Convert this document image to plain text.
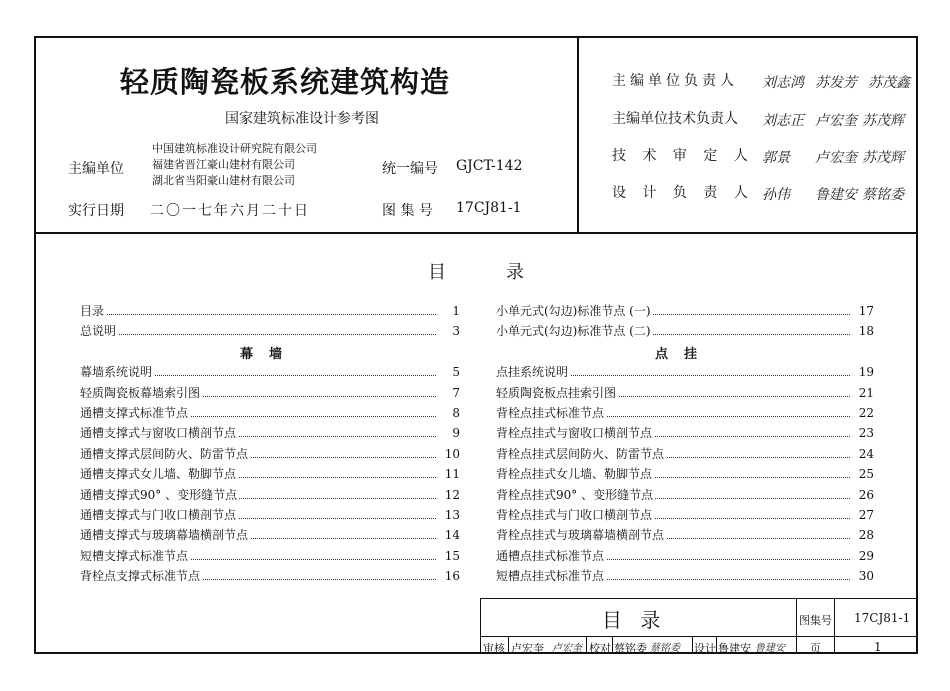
轻质陶瓷板系统建筑构造
国家建筑标准设计参考图
主编单位
中国建筑标准设计研究院有限公司
福建省晋江豪山建材有限公司
湖北省当阳豪山建材有限公司
统一编号 GJCT-142
实行日期 二〇一七年六月二十日	图 集 号 17CJ81-1
主编单位负责人 刘志鸿 苏发芳 苏茂鑫
主编单位技术负责人 刘志正 卢宏奎 苏茂辉
技 术 审 定 人 郭景 卢宏奎 苏茂辉
设 计 负 责 人 孙伟 鲁建安 蔡铭委
目录
目录	1
总说明	3
幕墙
幕墙系统说明	5
轻质陶瓷板幕墙索引图	7
通槽支撑式标准节点	8
通槽支撑式与窗收口横剖节点	9
通槽支撑式层间防火、防雷节点	10
通槽支撑式女儿墙、勒脚节点	11
通槽支撑式90° 、变形缝节点	12
通槽支撑式与门收口横剖节点	13
通槽支撑式与玻璃幕墙横剖节点	14
短槽支撑式标准节点	15
背栓点支撑式标准节点	16
小单元式(勾边)标准节点 (一)	17
小单元式(勾边)标准节点 (二)	18
点挂
点挂系统说明	19
轻质陶瓷板点挂索引图	21
背栓点挂式标准节点	22
背栓点挂式与窗收口横剖节点	23
背栓点挂式层间防火、防雷节点	24
背栓点挂式女儿墙、勒脚节点	25
背栓点挂式90° 、变形缝节点	26
背栓点挂式与门收口横剖节点	27
背栓点挂式与玻璃幕墙横剖节点	28
通槽点挂式标准节点	29
短槽点挂式标准节点	30
目 录	图集号 17CJ81-1
审核 卢宏奎 卢宏奎 校对 蔡铭委 蔡铭委 设计 鲁建安 鲁建安 页	1
